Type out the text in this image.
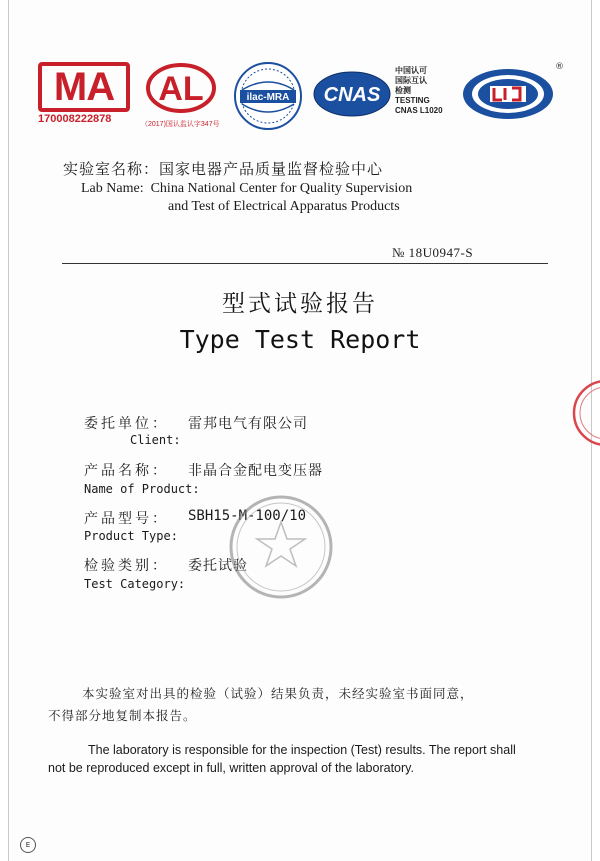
MA
170008222878
AL
（2017)国认监认字347号
ilac-MRA CNAS
中国认可
国际互认
检测
TESTING
CNAS L1020
®
实验室名称：国家电器产品质量监督检验中心
Lab Name: China National Center for Quality Supervision
and Test of Electrical Apparatus Products
№ 18U0947-S
型式试验报告
Type Test Report
委托单位： 雷邦电气有限公司
Client:
产品名称： 非晶合金配电变压器
Name of Product:
产品型号： SBH15-M-100/10
Product Type:
检验类别： 委托试验
Test Category:
本实验室对出具的检验（试验）结果负责，未经实验室书面同意，
不得部分地复制本报告。
The laboratory is responsible for the inspection (Test) results. The report shall
not be reproduced except in full, written approval of the laboratory.
E
